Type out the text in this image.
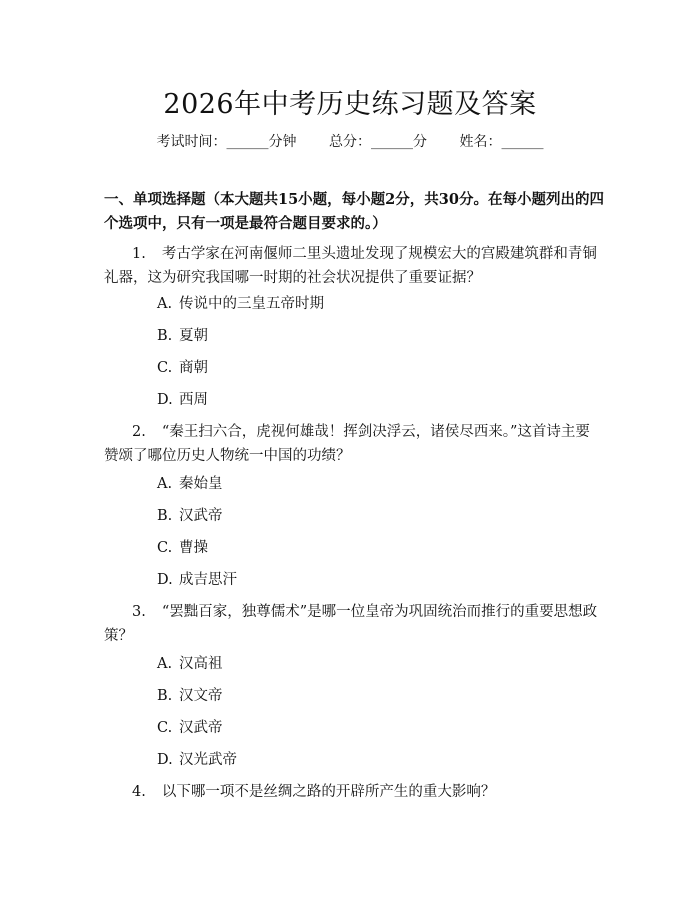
2026年中考历史练习题及答案
考试时间：______分钟 总分：______分 姓名：______
一、单项选择题（本大题共15小题，每小题2分，共30分。在每小题列出的四个选项中，只有一项是最符合题目要求的。）
1. 考古学家在河南偃师二里头遗址发现了规模宏大的宫殿建筑群和青铜礼器，这为研究我国哪一时期的社会状况提供了重要证据？
A. 传说中的三皇五帝时期
B. 夏朝
C. 商朝
D. 西周
2. “秦王扫六合，虎视何雄哉！挥剑决浮云，诸侯尽西来。”这首诗主要赞颂了哪位历史人物统一中国的功绩？
A. 秦始皇
B. 汉武帝
C. 曹操
D. 成吉思汗
3. “罢黜百家，独尊儒术”是哪一位皇帝为巩固统治而推行的重要思想政策？
A. 汉高祖
B. 汉文帝
C. 汉武帝
D. 汉光武帝
4. 以下哪一项不是丝绸之路的开辟所产生的重大影响？
